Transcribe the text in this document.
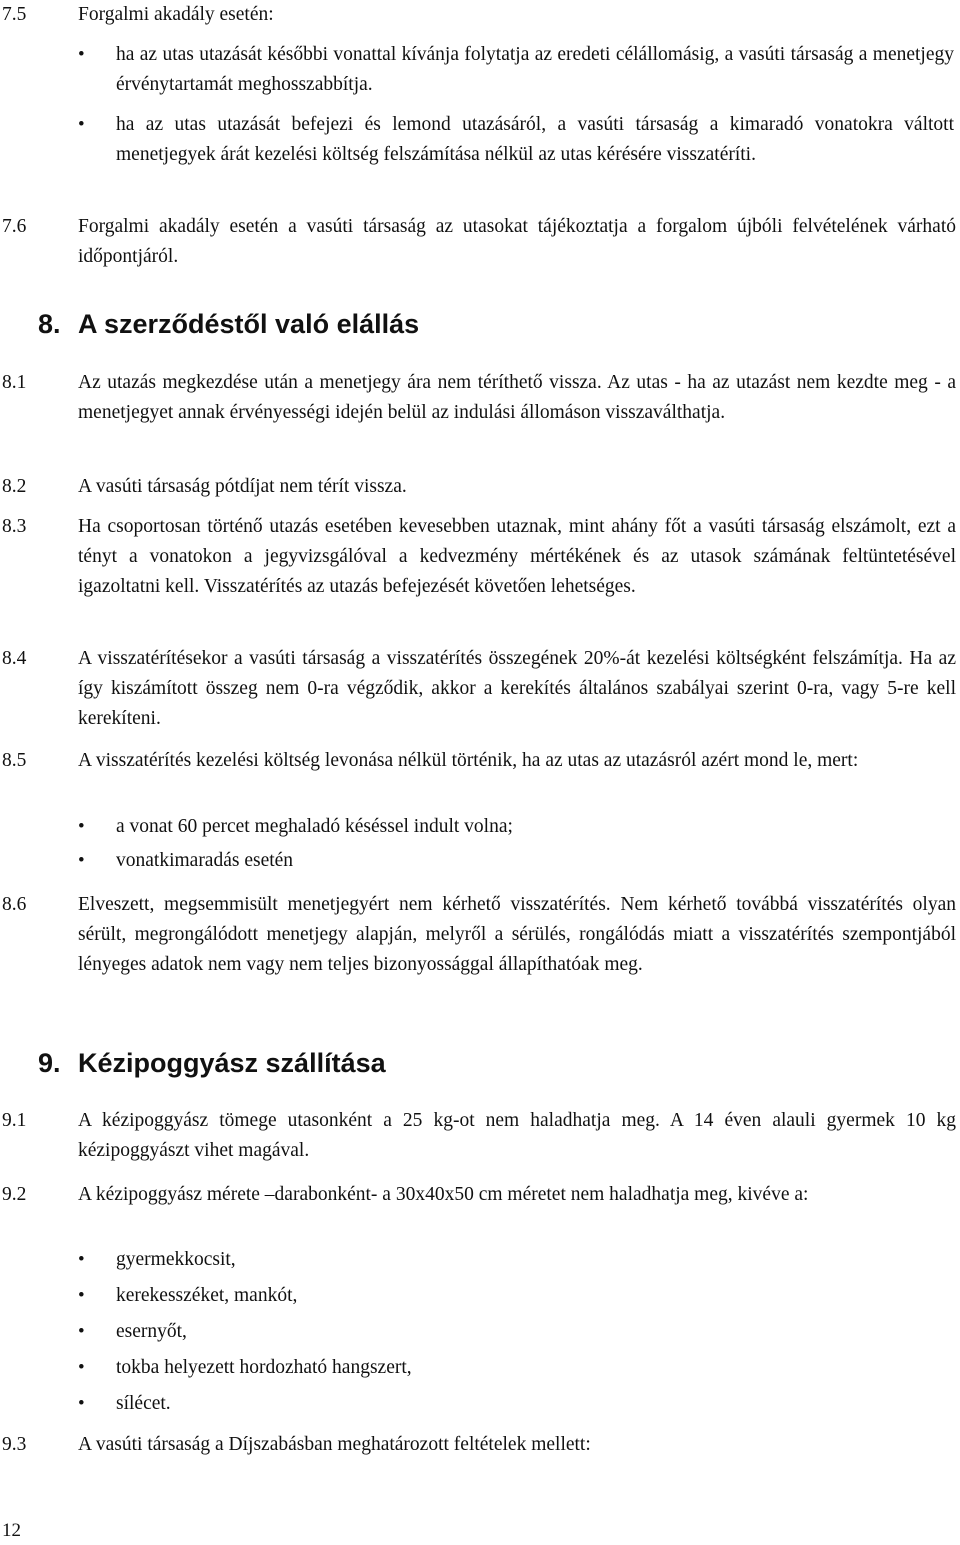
7.5	Forgalmi akadály esetén:
• ha az utas utazását későbbi vonattal kívánja folytatja az eredeti célállomásig, a vasúti társaság a menetjegy érvénytartamát meghosszabbítja.
• ha az utas utazását befejezi és lemond utazásáról, a vasúti társaság a kimaradó vonatokra váltott menetjegyek árát kezelési költség felszámítása nélkül az utas kérésére visszatéríti.
7.6	Forgalmi akadály esetén a vasúti társaság az utasokat tájékoztatja a forgalom újbóli felvételének várható időpontjáról.
8. A szerződéstől való elállás
8.1	Az utazás megkezdése után a menetjegy ára nem téríthető vissza. Az utas - ha az utazást nem kezdte meg - a menetjegyet annak érvényességi idején belül az indulási állomáson visszaválthatja.
8.2	A vasúti társaság pótdíjat nem térít vissza.
8.3	Ha csoportosan történő utazás esetében kevesebben utaznak, mint ahány főt a vasúti társaság elszámolt, ezt a tényt a vonatokon a jegyvizsgálóval a kedvezmény mértékének és az utasok számának feltüntetésével igazoltatni kell. Visszatérítés az utazás befejezését követően lehetséges.
8.4	A visszatérítésekor a vasúti társaság a visszatérítés összegének 20%-át kezelési költségként felszámítja. Ha az így kiszámított összeg nem 0-ra végződik, akkor a kerekítés általános szabályai szerint 0-ra, vagy 5-re kell kerekíteni.
8.5	A visszatérítés kezelési költség levonása nélkül történik, ha az utas az utazásról azért mond le, mert:
• a vonat 60 percet meghaladó késéssel indult volna;
• vonatkimaradás esetén
8.6	Elveszett, megsemmisült menetjegyért nem kérhető visszatérítés. Nem kérhető továbbá visszatérítés olyan sérült, megrongálódott menetjegy alapján, melyről a sérülés, rongálódás miatt a visszatérítés szempontjából lényeges adatok nem vagy nem teljes bizonyossággal állapíthatóak meg.
9. Kézipoggyász szállítása
9.1	A kézipoggyász tömege utasonként a 25 kg-ot nem haladhatja meg. A 14 éven alauli gyermek 10 kg kézipoggyászt vihet magával.
9.2	A kézipoggyász mérete –darabonként- a 30x40x50 cm méretet nem haladhatja meg, kivéve a:
• gyermekkocsit,
• kerekesszéket, mankót,
• esernyőt,
• tokba helyezett hordozható hangszert,
• sílécet.
9.3	A vasúti társaság a Díjszabásban meghatározott feltételek mellett:
12
